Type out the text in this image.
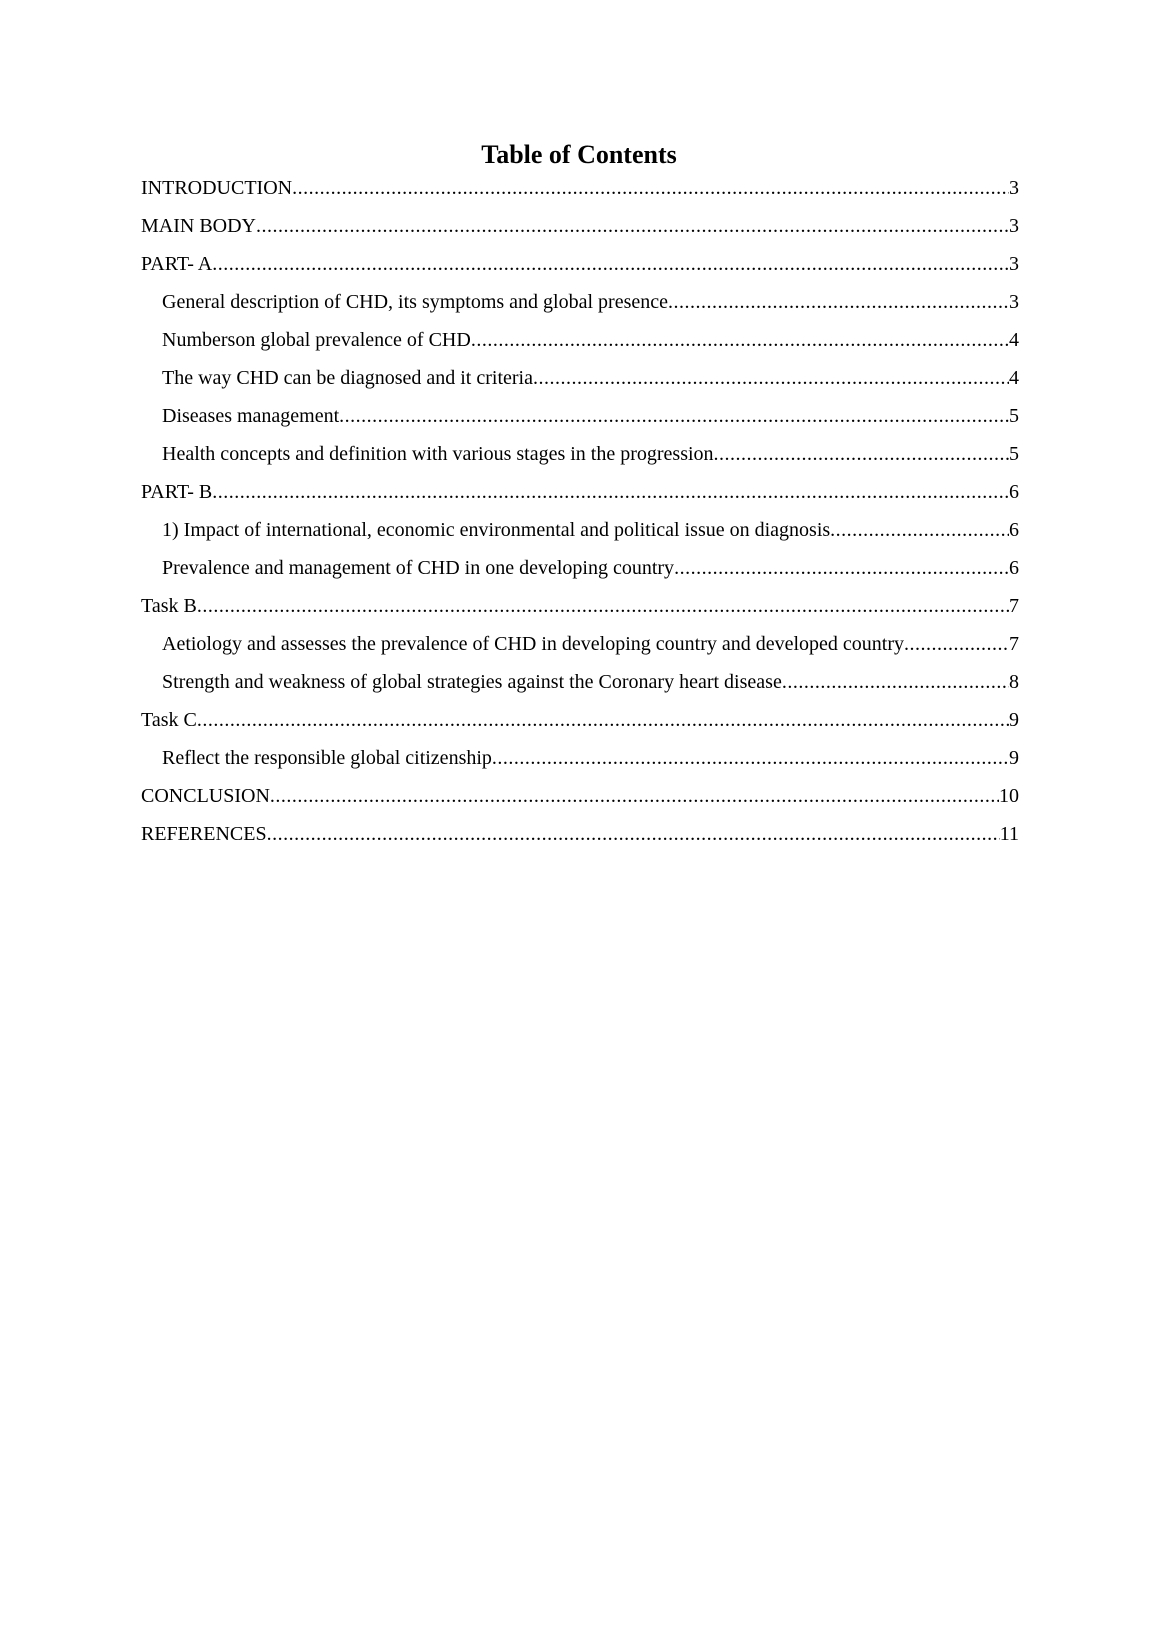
Table of Contents
INTRODUCTION .....	3
MAIN BODY .....	3
PART- A .....	3
General description of CHD, its symptoms and global presence .....	3
Numberson global prevalence of CHD .....	4
The way CHD can be diagnosed and it criteria .....	4
Diseases management .....	5
Health concepts and definition with various stages in the progression .....	5
PART- B .....	6
1) Impact of international, economic environmental and political issue on diagnosis .....	6
Prevalence and management of CHD in one developing country .....	6
Task B .....	7
Aetiology and assesses the prevalence of CHD in developing country and developed country .....	7
Strength and weakness of global strategies against the Coronary heart disease .....	8
Task C .....	9
Reflect the responsible global citizenship .....	9
CONCLUSION .....	10
REFERENCES .....	11
